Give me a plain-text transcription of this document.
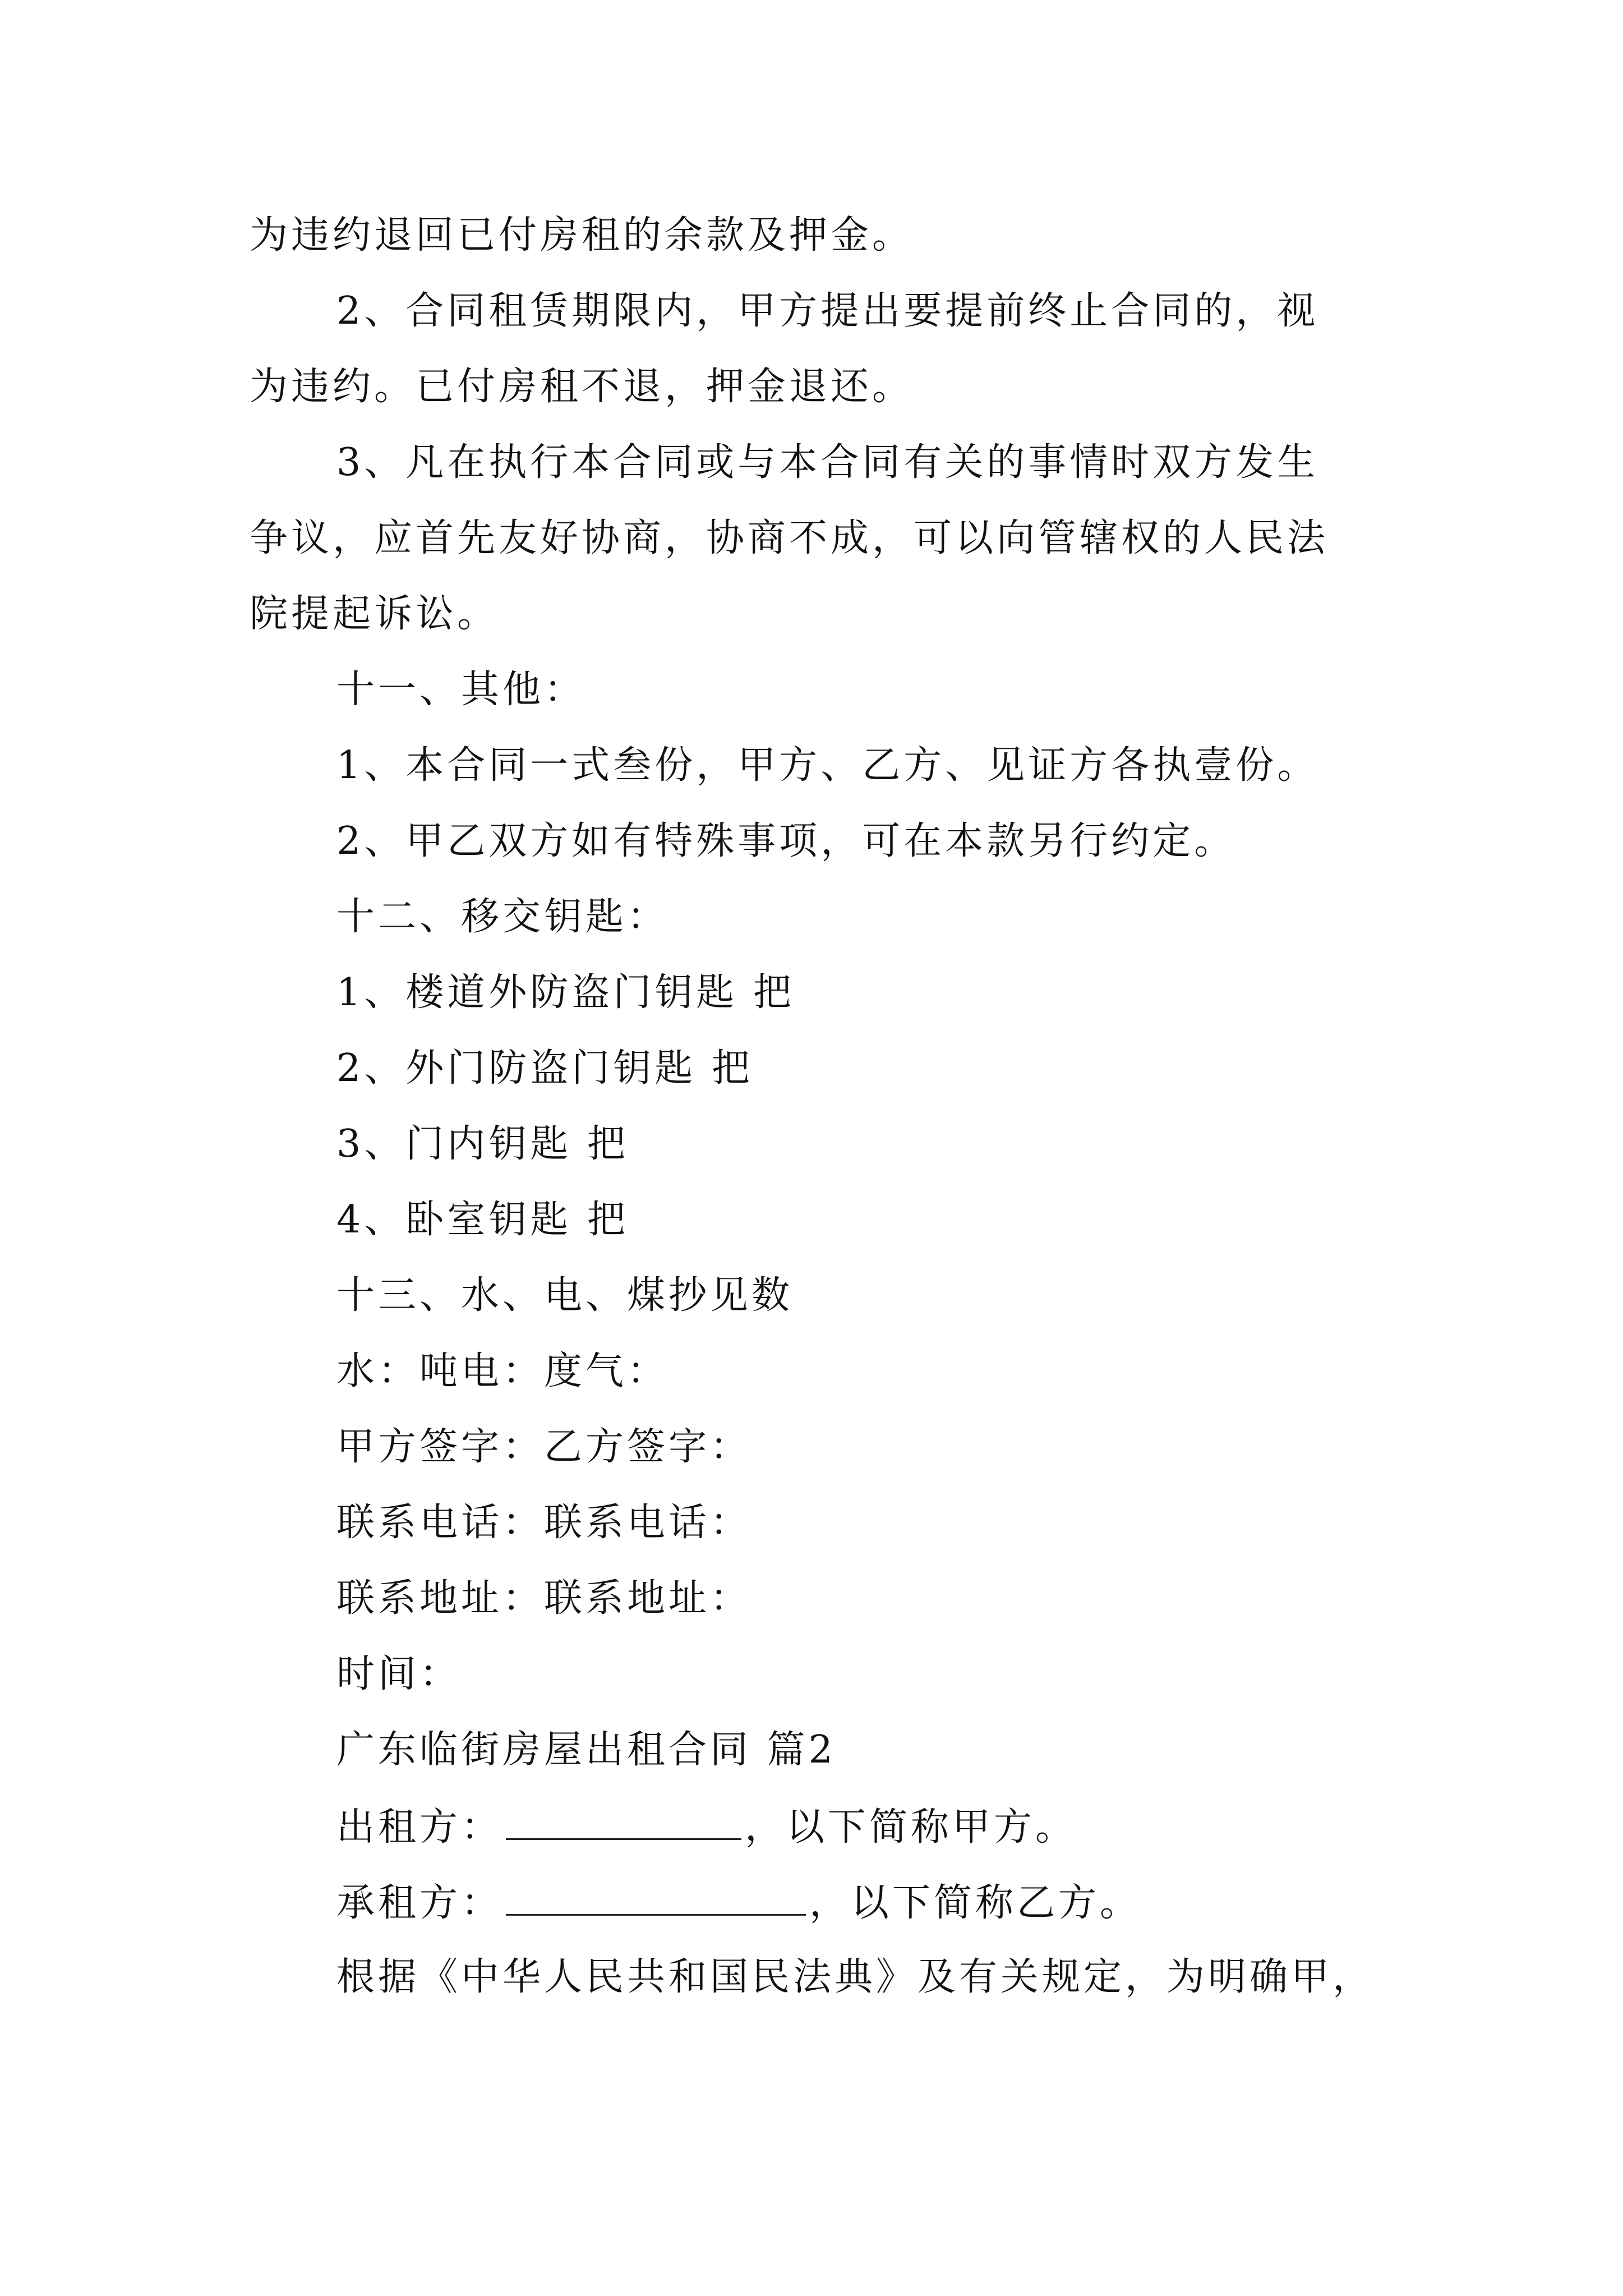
为违约退回已付房租的余款及押金。
2、合同租赁期限内，甲方提出要提前终止合同的，视
为违约。已付房租不退，押金退还。
3、凡在执行本合同或与本合同有关的事情时双方发生
争议，应首先友好协商，协商不成，可以向管辖权的人民法
院提起诉讼。
十一、其他：
1、本合同一式叁份，甲方、乙方、见证方各执壹份。
2、甲乙双方如有特殊事项，可在本款另行约定。
十二、移交钥匙：
1、楼道外防盗门钥匙 把
2、外门防盗门钥匙 把
3、门内钥匙 把
4、卧室钥匙 把
十三、水、电、煤抄见数
水：吨电：度气：
甲方签字：乙方签字：
联系电话：联系电话：
联系地址：联系地址：
时间：
广东临街房屋出租合同 篇2
出租方：	，以下简称甲方。
承租方：	，以下简称乙方。
根据《中华人民共和国民法典》及有关规定，为明确甲，
